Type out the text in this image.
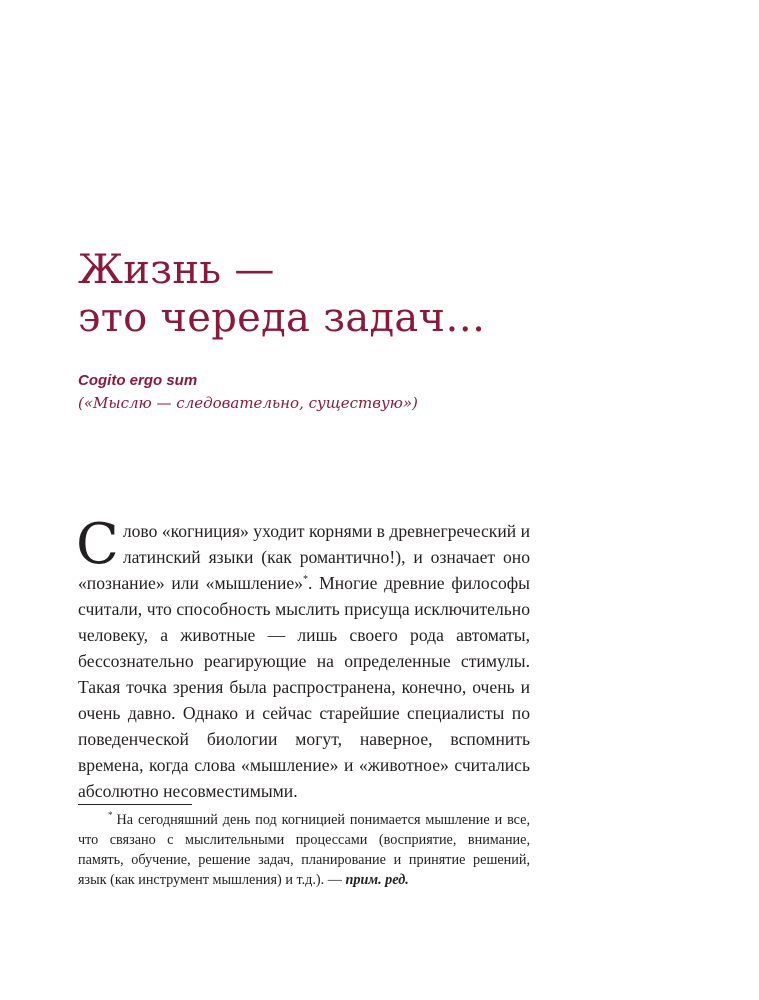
Жизнь —
это череда задач…
Cogito ergo sum
(«Мыслю — следовательно, существую»)

Слово «когниция» уходит корнями в древнегреческий и латинский языки (как романтично!), и означает оно «познание» или «мышление»*. Многие древние философы считали, что способность мыслить присуща исключительно человеку, а животные — лишь своего рода автоматы, бессознательно реагирующие на определенные стимулы. Такая точка зрения была распространена, конечно, очень и очень давно. Однако и сейчас старейшие специалисты по поведенческой биологии могут, наверное, вспомнить времена, когда слова «мышление» и «животное» считались абсолютно несовместимыми.

* На сегодняшний день под когницией понимается мышление и все, что связано с мыслительными процессами (восприятие, внимание, память, обучение, решение задач, планирование и принятие решений, язык (как инструмент мышления) и т.д.). — прим. ред.
